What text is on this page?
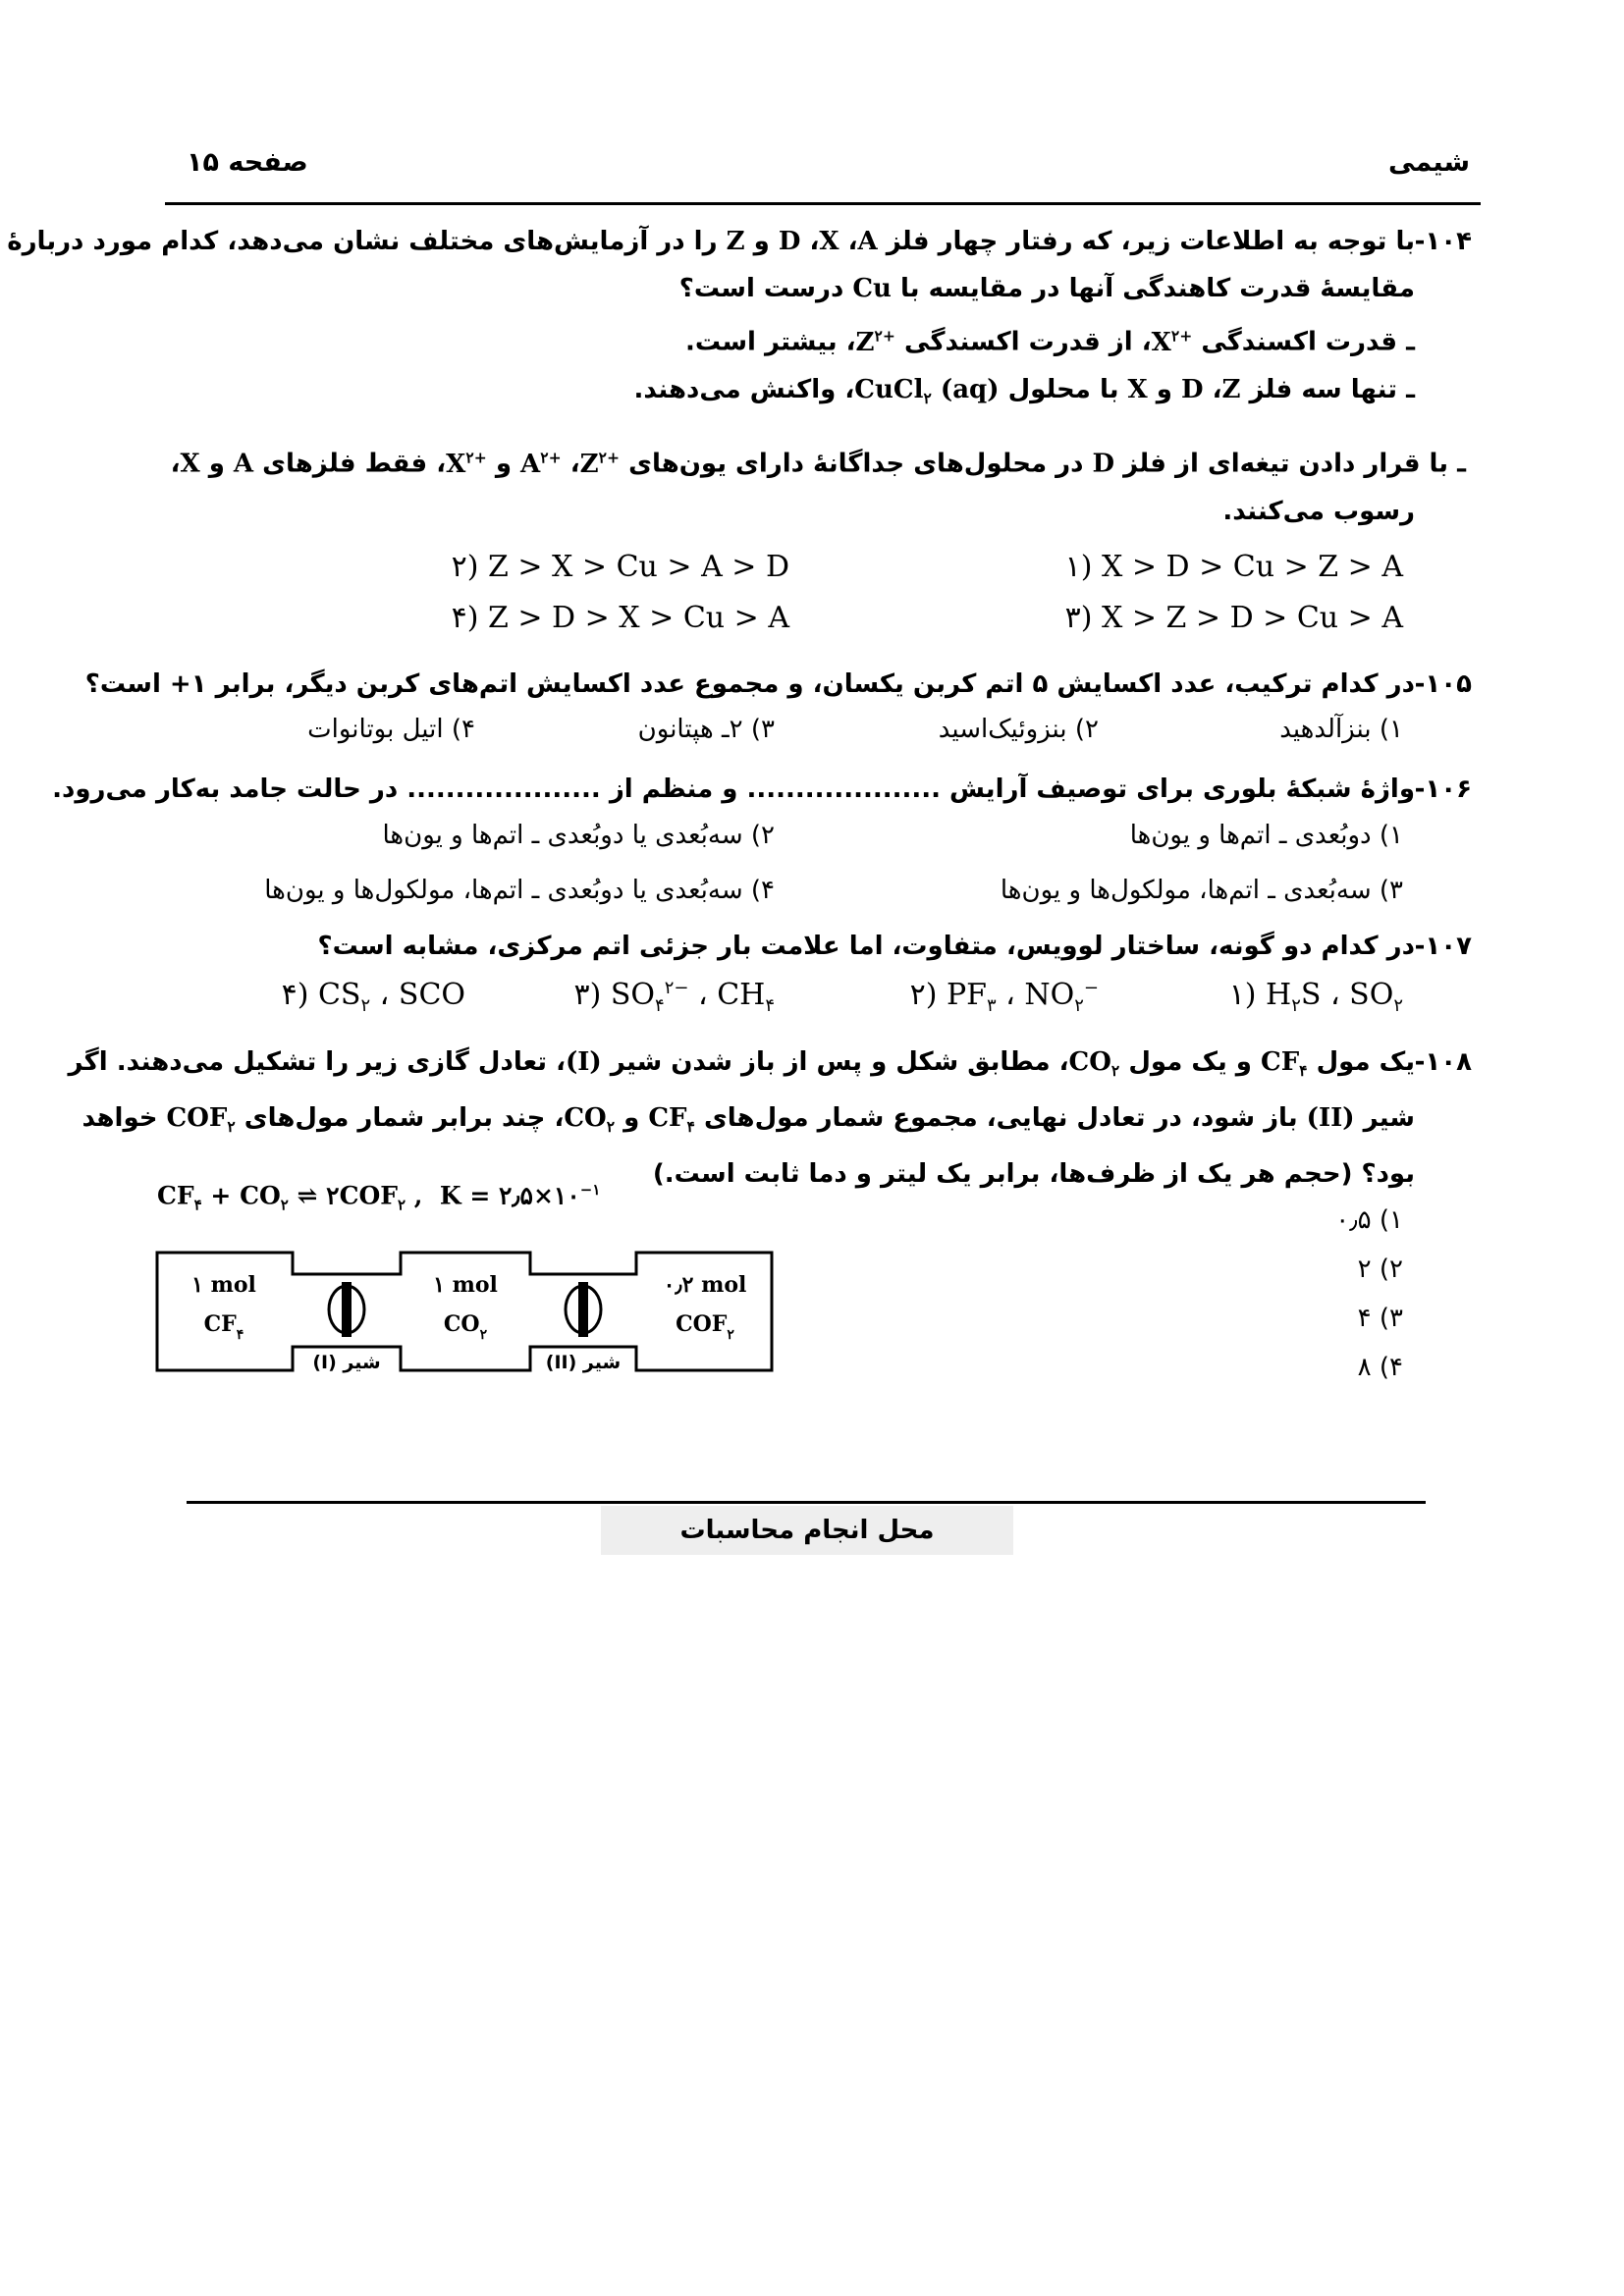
صفحه ۱۵	شیمی
۱۰۴-با توجه به اطلاعات زیر، که رفتار چهار فلز A، X، D و Z را در آزمایش‌های مختلف نشان می‌دهد، کدام مورد دربارهٔ
مقایسهٔ قدرت کاهندگی آنها در مقایسه با Cu درست است؟
ـ قدرت اکسندگی $X^{۲+}،$ از قدرت اکسندگی $Z^{۲+}،$ بیشتر است.
ـ تنها سه فلز Z، D و X با محلول CuCl$_۲$ (aq)، واکنش می‌دهند.
ـ با قرار دادن تیغه‌ای از فلز D در محلول‌های جداگانهٔ دارای یون‌های $Z^{۲+}،$ $A^{۲+}$ و $X^{۲+}،$ فقط فلزهای A و X،
رسوب می‌کنند.
۱) X > D > Cu > Z > A
۲) Z > X > Cu > A > D
۳) X > Z > D > Cu > A
۴) Z > D > X > Cu > A
۱۰۵-در کدام ترکیب، عدد اکسایش ۵ اتم کربن یکسان، و مجموع عدد اکسایش اتم‌های کربن دیگر، برابر ۱+ است؟
۱) بنزآلدهید
۲) بنزوئیک‌اسید
۳) ۲ـ هپتانون
۴) اتیل بوتانوات
۱۰۶-واژهٔ شبکهٔ بلوری برای توصیف آرایش .................... و منظم از .................... در حالت جامد به‌کار می‌رود.
۱) دوبُعدی ـ اتم‌ها و یون‌ها
۲) سه‌بُعدی یا دوبُعدی ـ اتم‌ها و یون‌ها
۳) سه‌بُعدی ـ اتم‌ها، مولکول‌ها و یون‌ها
۴) سه‌بُعدی یا دوبُعدی ـ اتم‌ها، مولکول‌ها و یون‌ها
۱۰۷-در کدام دو گونه، ساختار لوویس، متفاوت، اما علامت بار جزئی اتم مرکزی، مشابه است؟
۱) $H_۲S$ ، $SO_۲$
۲) $PF_۳$ ، $NO_۲^-$
۳) $SO_۴^{۲-}$ ، $CH_۴$
۴) $CS_۲$ ، SCO
۱۰۸-یک مول $CF_۴$ و یک مول $CO_۲،$ مطابق شکل و پس از باز شدن شیر (I)، تعادل گازی زیر را تشکیل می‌دهند. اگر
شیر (II) باز شود، در تعادل نهایی، مجموع شمار مول‌های $CF_۴$ و $CO_۲،$ چند برابر شمار مول‌های $COF_۲$ خواهد
بود؟ (حجم هر یک از ظرف‌ها، برابر یک لیتر و دما ثابت است.)
$CF_۴ + CO_۲$ ⇌ $۲COF_۲$ ,  $K = ۲٫۵\times ۱۰^{-۱}$
۱) ۰٫۵
۲) ۲
۳) ۴
۴) ۸
۱ mol
$CF_۴$
۱ mol
$CO_۲$
۰٫۲ mol
$COF_۲$
شیر (I)	شیر (II)
محل انجام محاسبات
